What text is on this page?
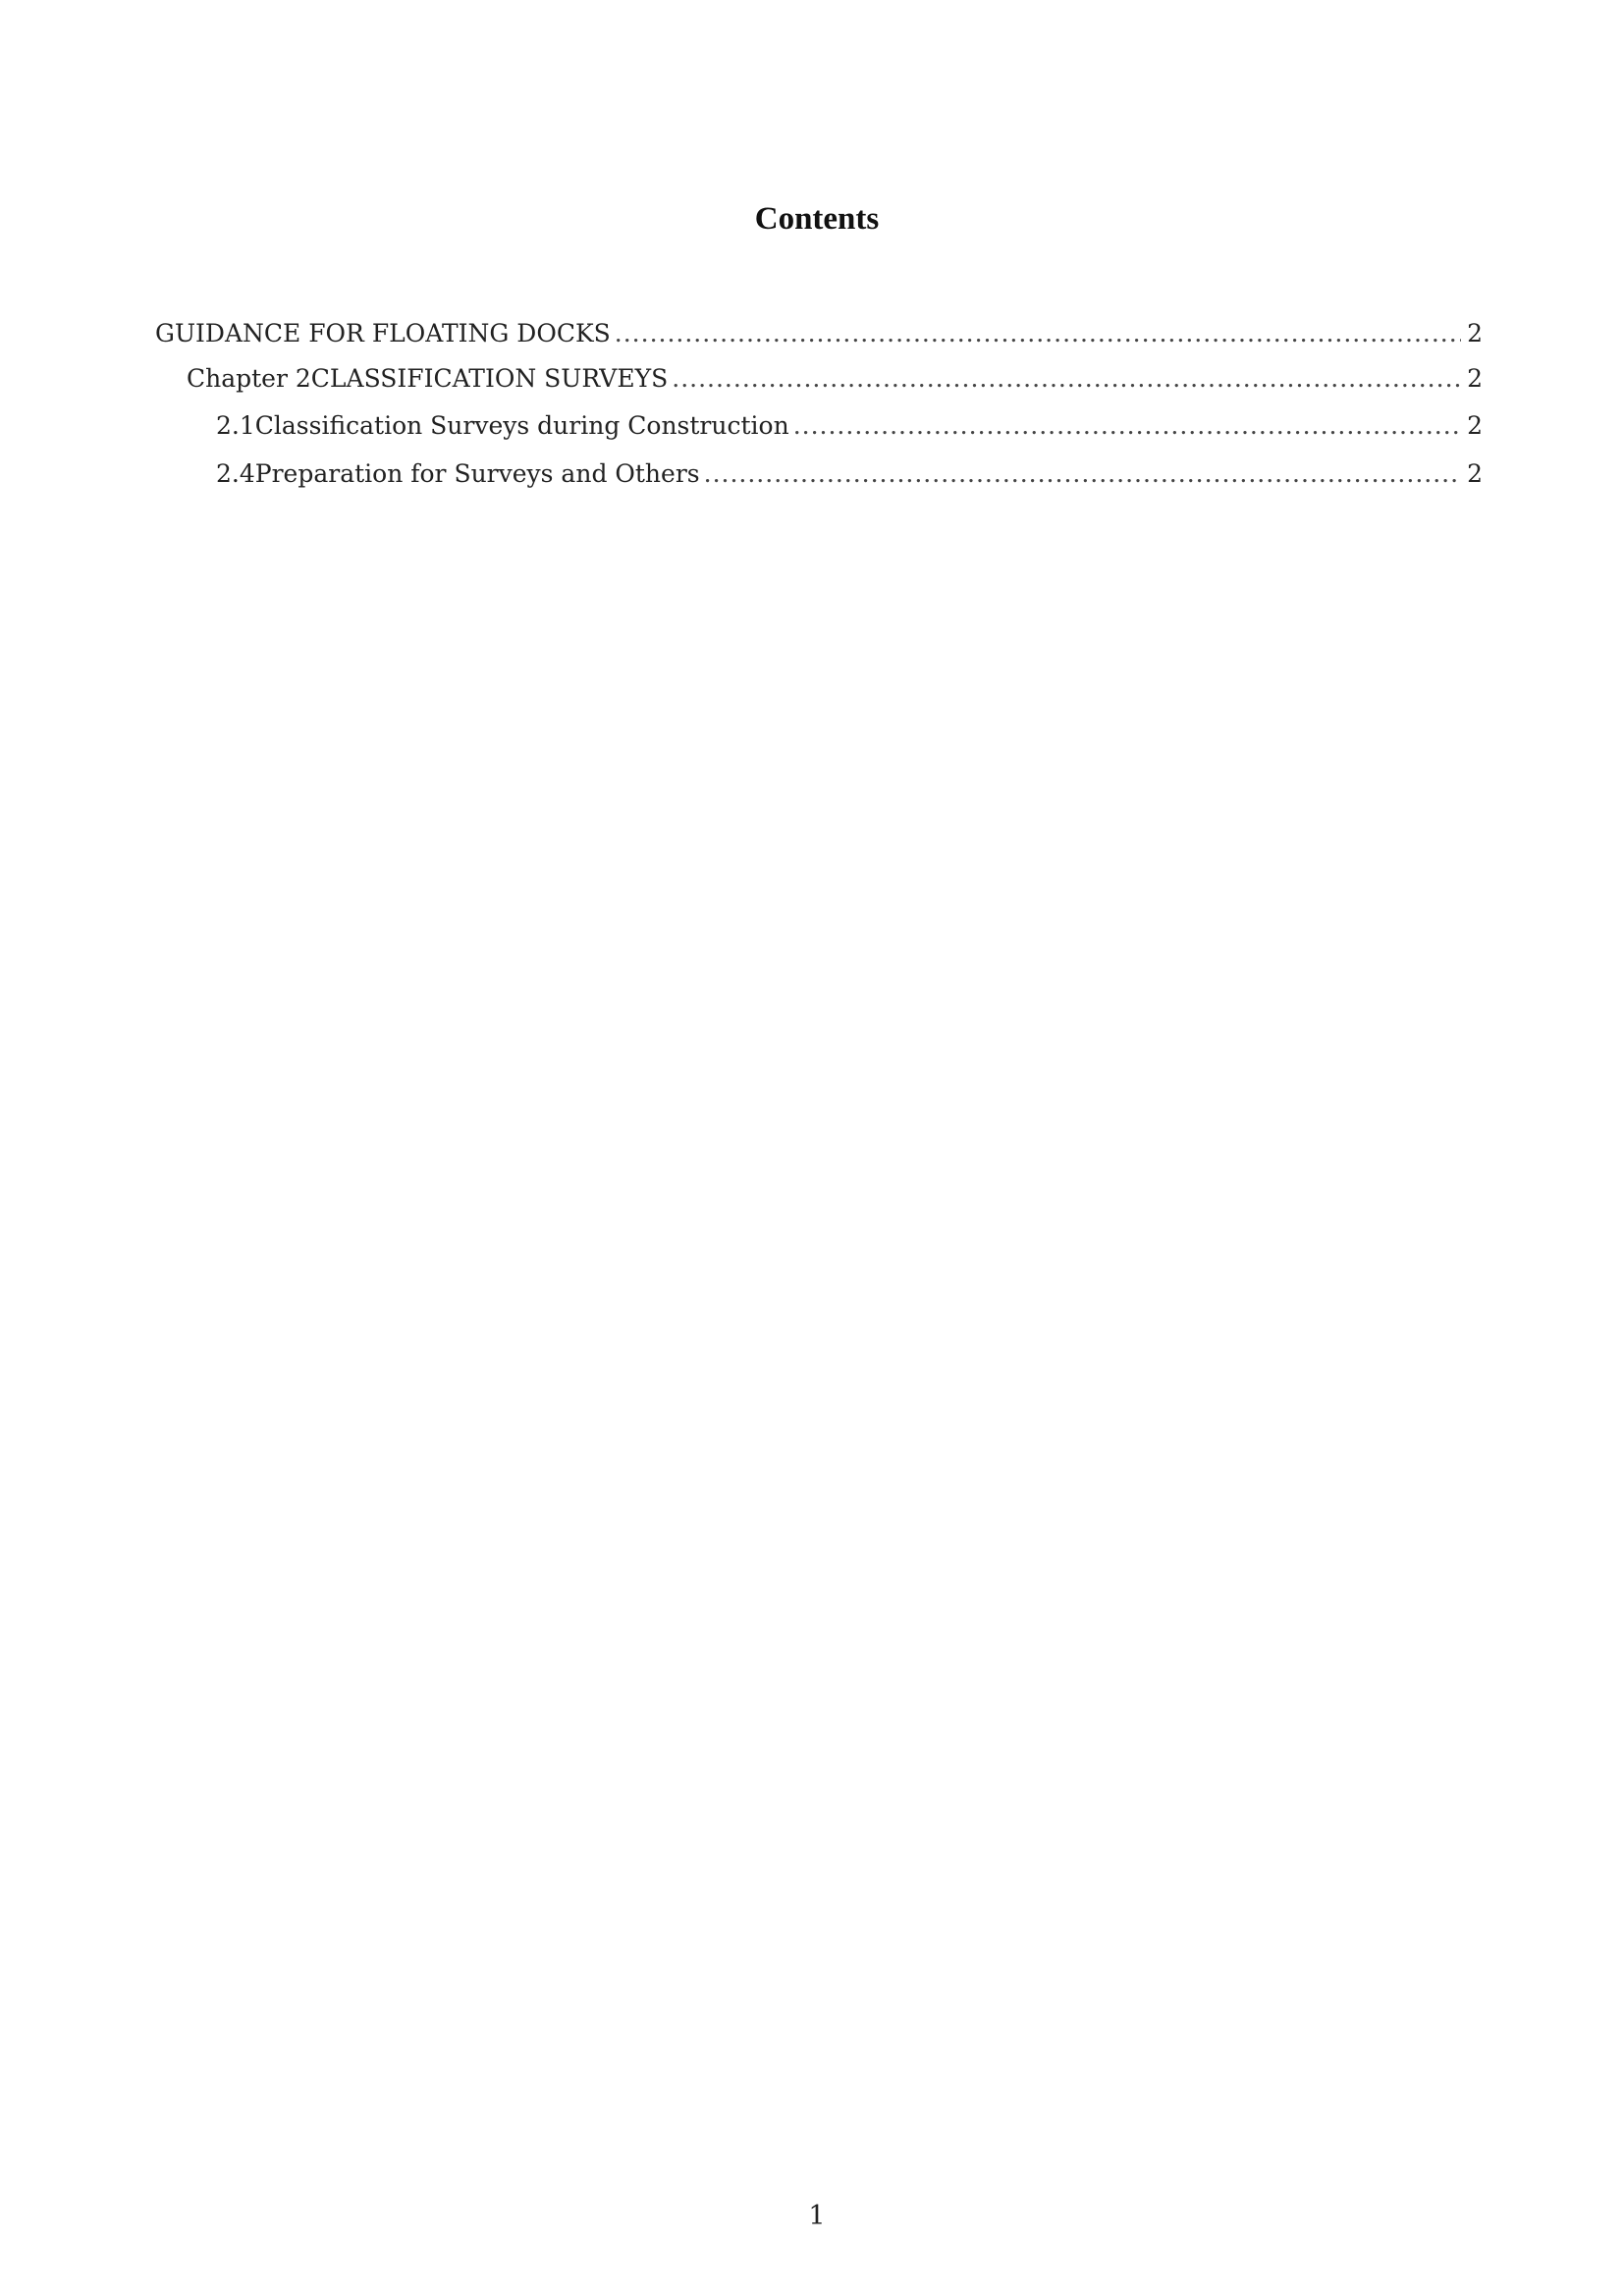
Contents
GUIDANCE FOR FLOATING DOCKS .....	2
Chapter 2 CLASSIFICATION SURVEYS .....	2
2.1 Classification Surveys during Construction .....	2
2.4 Preparation for Surveys and Others .....	2
1
